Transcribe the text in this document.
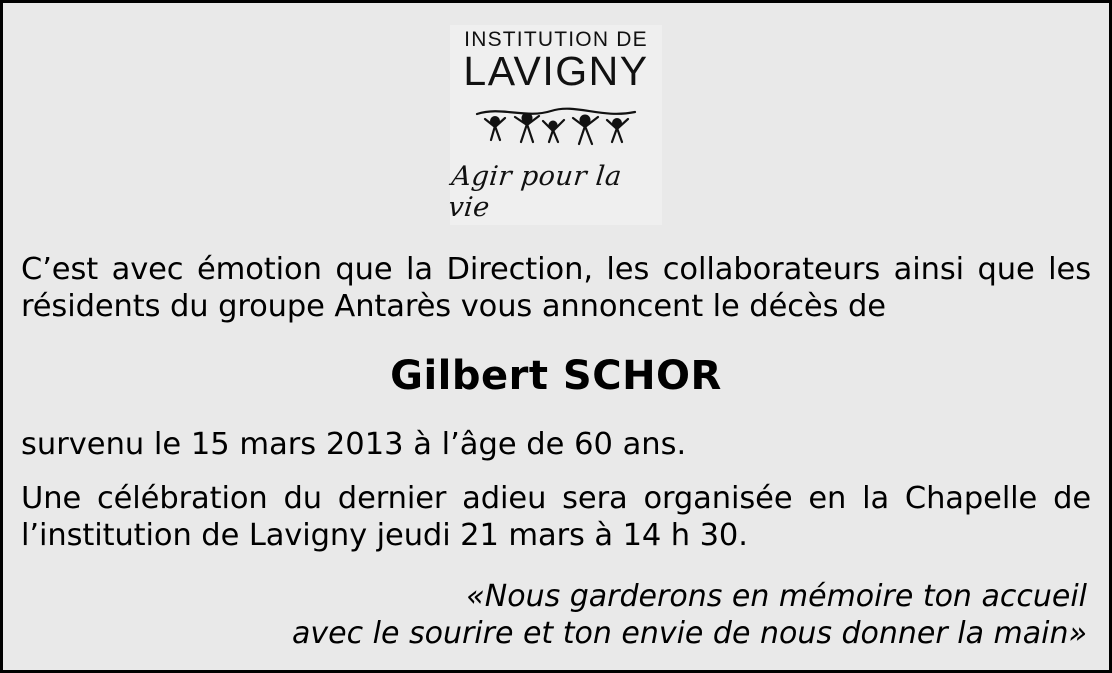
INSTITUTION DE
LAVIGNY
Agir pour la vie

C’est avec émotion que la Direction, les collaborateurs ainsi que les résidents du groupe Antarès vous annoncent le décès de

Gilbert SCHOR

survenu le 15 mars 2013 à l’âge de 60 ans.

Une célébration du dernier adieu sera organisée en la Chapelle de l’institution de Lavigny jeudi 21 mars à 14 h 30.

«Nous garderons en mémoire ton accueil
avec le sourire et ton envie de nous donner la main»
